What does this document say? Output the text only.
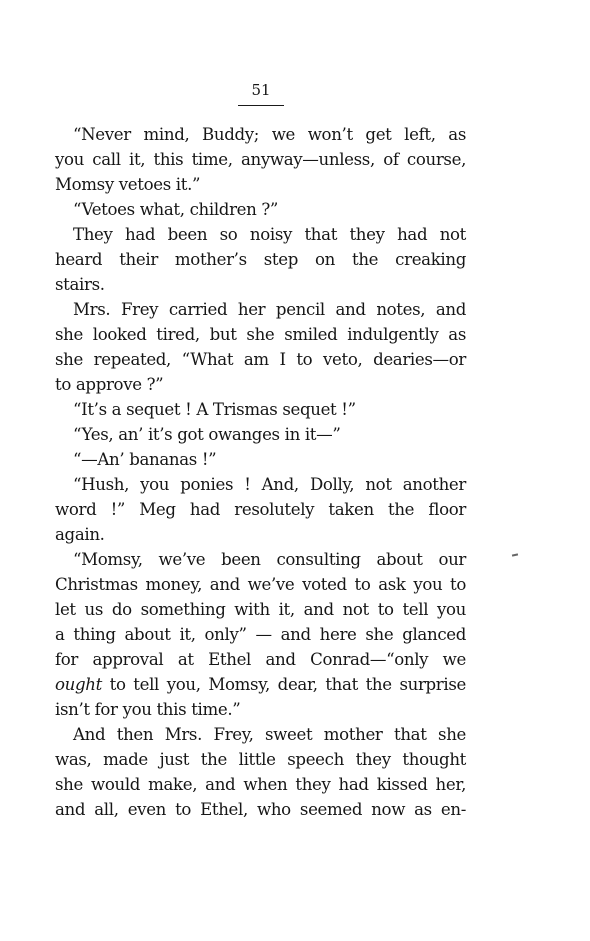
51
“Never mind, Buddy; we won’t get left, as
you call it, this time, anyway—unless, of course,
Momsy vetoes it.”
“Vetoes what, children ?”
They had been so noisy that they had not
heard their mother’s step on the creaking
stairs.
Mrs. Frey carried her pencil and notes, and
she looked tired, but she smiled indulgently as
she repeated, “What am I to veto, dearies—or
to approve ?”
“It’s a sequet ! A Trismas sequet !”
“Yes, an’ it’s got owanges in it—”
“—An’ bananas !”
“Hush, you ponies ! And, Dolly, not another
word !” Meg had resolutely taken the floor
again.
“Momsy, we’ve been consulting about our
Christmas money, and we’ve voted to ask you to
let us do something with it, and not to tell you
a thing about it, only” — and here she glanced
for approval at Ethel and Conrad—“only we
ought to tell you, Momsy, dear, that the surprise
isn’t for you this time.”
And then Mrs. Frey, sweet mother that she
was, made just the little speech they thought
she would make, and when they had kissed her,
and all, even to Ethel, who seemed now as en-
